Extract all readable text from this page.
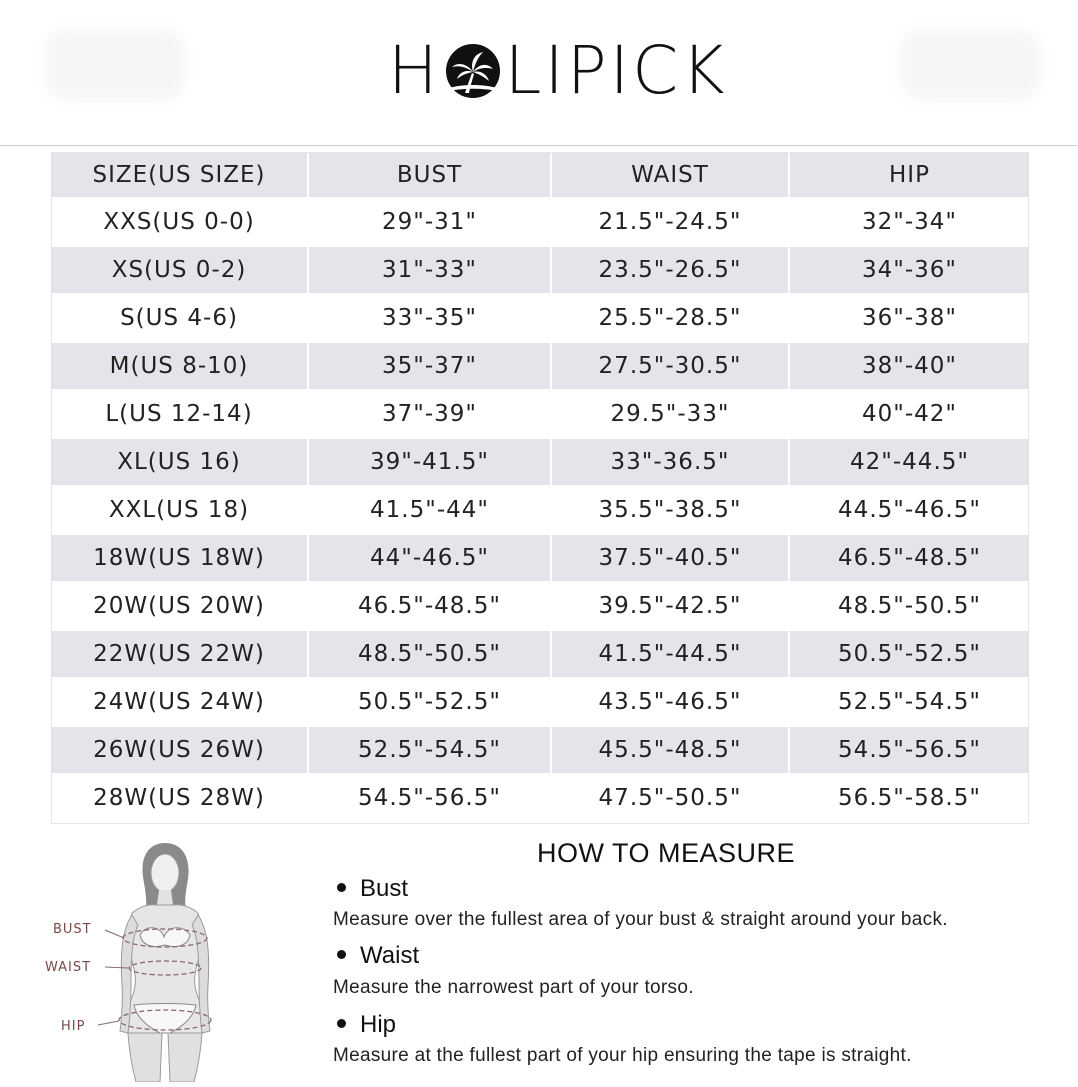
H LIPICK
SIZE(US SIZE)	BUST	WAIST	HIP
XXS(US 0-0)	29"-31"	21.5"-24.5"	32"-34"
XS(US 0-2)	31"-33"	23.5"-26.5"	34"-36"
S(US 4-6)	33"-35"	25.5"-28.5"	36"-38"
M(US 8-10)	35"-37"	27.5"-30.5"	38"-40"
L(US 12-14)	37"-39"	29.5"-33"	40"-42"
XL(US 16)	39"-41.5"	33"-36.5"	42"-44.5"
XXL(US 18)	41.5"-44"	35.5"-38.5"	44.5"-46.5"
18W(US 18W)	44"-46.5"	37.5"-40.5"	46.5"-48.5"
20W(US 20W)	46.5"-48.5"	39.5"-42.5"	48.5"-50.5"
22W(US 22W)	48.5"-50.5"	41.5"-44.5"	50.5"-52.5"
24W(US 24W)	50.5"-52.5"	43.5"-46.5"	52.5"-54.5"
26W(US 26W)	52.5"-54.5"	45.5"-48.5"	54.5"-56.5"
28W(US 28W)	54.5"-56.5"	47.5"-50.5"	56.5"-58.5"
BUST
WAIST
HIP
HOW TO MEASURE
Bust
Measure over the fullest area of your bust & straight around your back.
Waist
Measure the narrowest part of your torso.
Hip
Measure at the fullest part of your hip ensuring the tape is straight.
